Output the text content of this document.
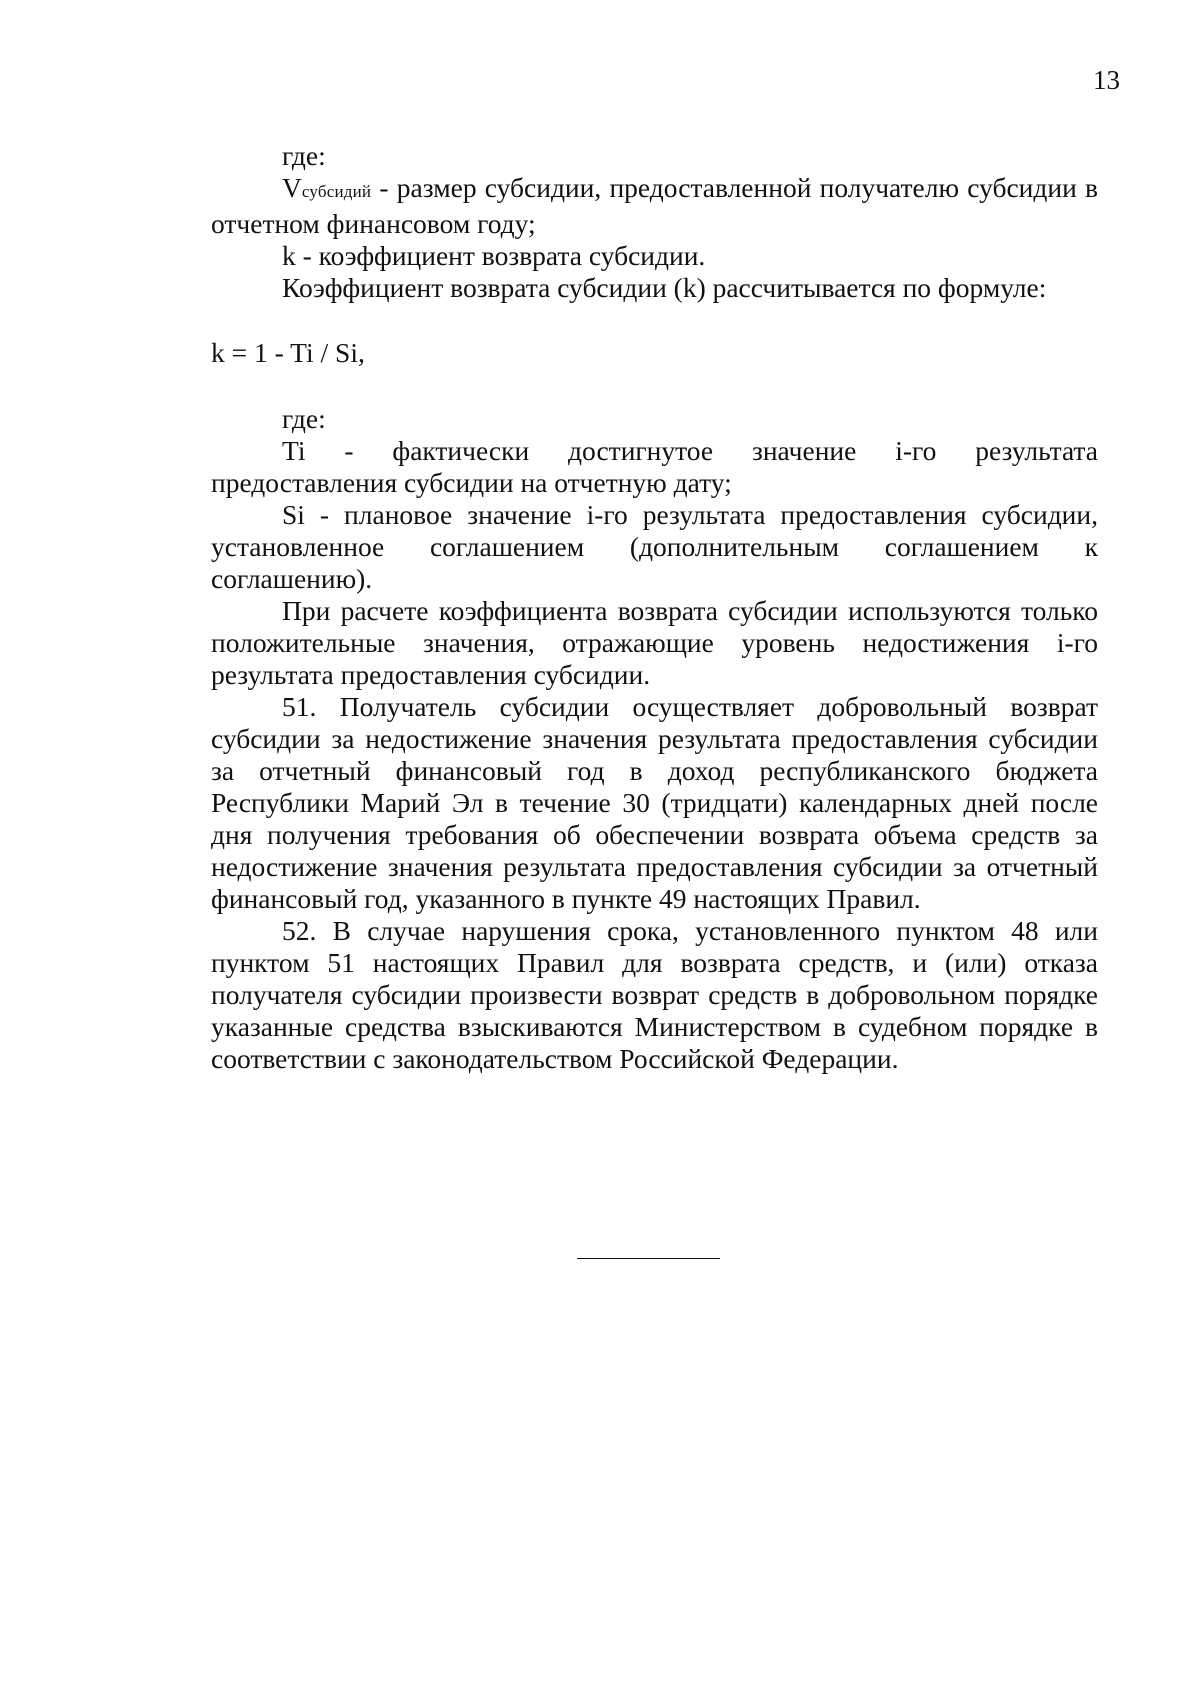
13

где:

Vсубсидий - размер субсидии, предоставленной получателю субсидии в отчетном финансовом году;

k - коэффициент возврата субсидии.

Коэффициент возврата субсидии (k) рассчитывается по формуле:

k = 1 - Ti / Si,

где:

Ti - фактически достигнутое значение i-го результата предоставления субсидии на отчетную дату;

Si - плановое значение i-го результата предоставления субсидии, установленное соглашением (дополнительным соглашением к соглашению).

При расчете коэффициента возврата субсидии используются только положительные значения, отражающие уровень недостижения i-го результата предоставления субсидии.

51. Получатель субсидии осуществляет добровольный возврат субсидии за недостижение значения результата предоставления субсидии за отчетный финансовый год в доход республиканского бюджета Республики Марий Эл в течение 30 (тридцати) календарных дней после дня получения требования об обеспечении возврата объема средств за недостижение значения результата предоставления субсидии за отчетный финансовый год, указанного в пункте 49 настоящих Правил.

52. В случае нарушения срока, установленного пунктом 48 или пунктом 51 настоящих Правил для возврата средств, и (или) отказа получателя субсидии произвести возврат средств в добровольном порядке указанные средства взыскиваются Министерством в судебном порядке в соответствии с законодательством Российской Федерации.
